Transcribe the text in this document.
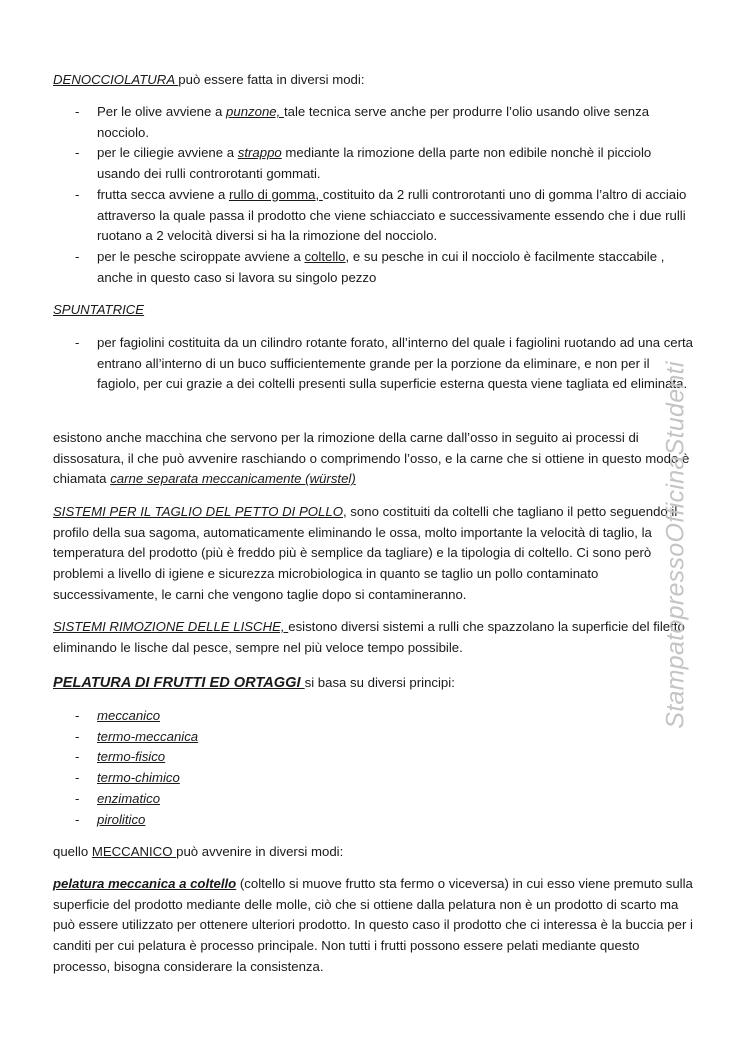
DENOCCIOLATURA può essere fatta in diversi modi:

- Per le olive avviene a punzone, tale tecnica serve anche per produrre l’olio usando olive senza nocciolo.
- per le ciliegie avviene a strappo mediante la rimozione della parte non edibile nonchè il picciolo usando dei rulli controrotanti gommati.
- frutta secca avviene a rullo di gomma, costituito da 2 rulli controrotanti uno di gomma l’altro di acciaio attraverso la quale passa il prodotto che viene schiacciato e successivamente essendo che i due rulli ruotano a 2 velocità diversi si ha la rimozione del nocciolo.
- per le pesche sciroppate avviene a coltello, e su pesche in cui il nocciolo è facilmente staccabile , anche in questo caso si lavora su singolo pezzo

SPUNTATRICE

- per fagiolini costituita da un cilindro rotante forato, all’interno del quale i fagiolini ruotando ad una certa entrano all’interno di un buco sufficientemente grande per la porzione da eliminare, e non per il fagiolo, per cui grazie a dei coltelli presenti sulla superficie esterna questa viene tagliata ed eliminata.

esistono anche macchina che servono per la rimozione della carne dall’osso in seguito ai processi di dissosatura, il che può avvenire raschiando o comprimendo l’osso, e la carne che si ottiene in questo modo è chiamata carne separata meccanicamente (würstel)

SISTEMI PER IL TAGLIO DEL PETTO DI POLLO, sono costituiti da coltelli che tagliano il petto seguendo il profilo della sua sagoma, automaticamente eliminando le ossa, molto importante la velocità di taglio, la temperatura del prodotto (più è freddo più è semplice da tagliare) e la tipologia di coltello. Ci sono però problemi a livello di igiene e sicurezza microbiologica in quanto se taglio un pollo contaminato successivamente, le carni che vengono taglie dopo si contamineranno.

SISTEMI RIMOZIONE DELLE LISCHE, esistono diversi sistemi a rulli che spazzolano la superficie del filetto eliminando le lische dal pesce, sempre nel più veloce tempo possibile.

PELATURA DI FRUTTI ED ORTAGGI si basa su diversi principi:

- meccanico
- termo-meccanica
- termo-fisico
- termo-chimico
- enzimatico
- pirolitico

quello MECCANICO può avvenire in diversi modi:

pelatura meccanica a coltello (coltello si muove frutto sta fermo o viceversa) in cui esso viene premuto sulla superficie del prodotto mediante delle molle, ciò che si ottiene dalla pelatura non è un prodotto di scarto ma può essere utilizzato per ottenere ulteriori prodotto. In questo caso il prodotto che ci interessa è la buccia per i canditi per cui pelatura è processo principale. Non tutti i frutti possono essere pelati mediante questo processo, bisogna considerare la consistenza.

StampatopressoOfficinaStudenti
